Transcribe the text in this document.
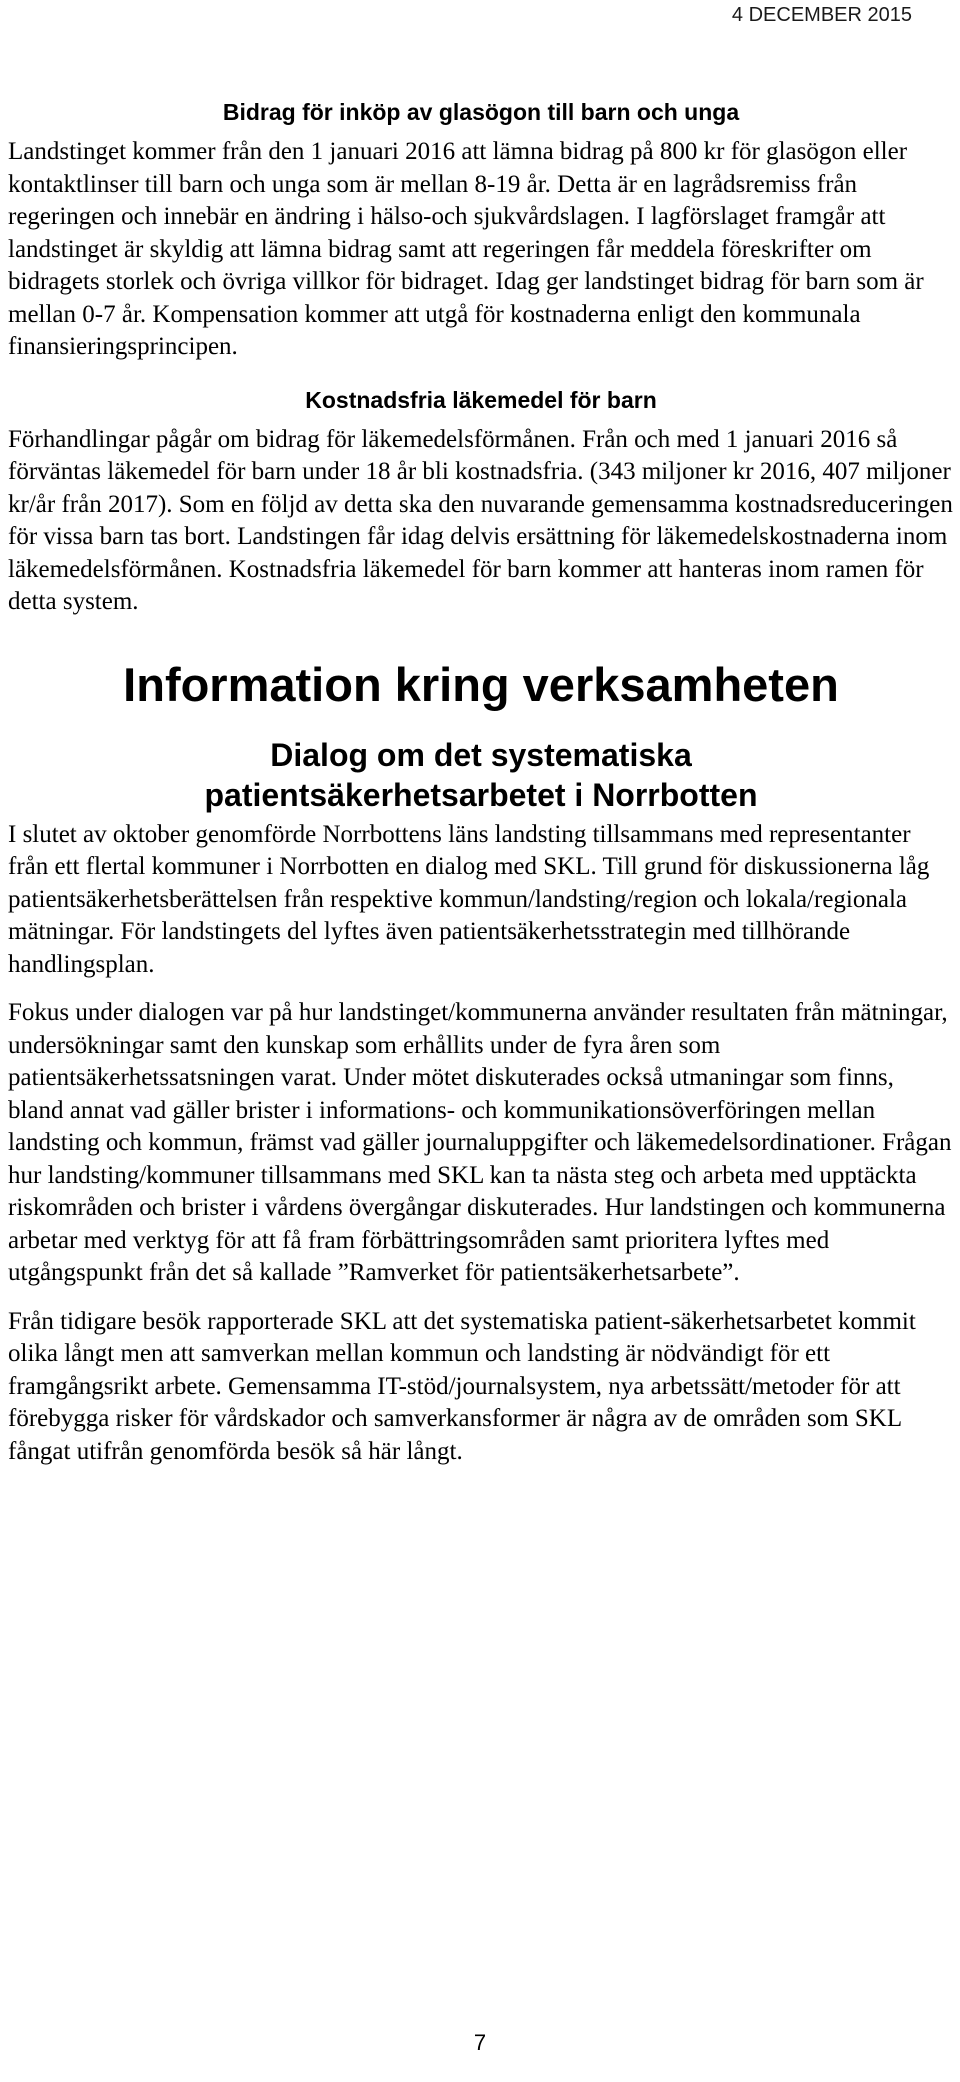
4 DECEMBER 2015
Bidrag för inköp av glasögon till barn och unga

Landstinget kommer från den 1 januari 2016 att lämna bidrag på 800 kr för glasögon eller kontaktlinser till barn och unga som är mellan 8-19 år. Detta är en lagrådsremiss från regeringen och innebär en ändring i hälso-och sjukvårdslagen. I lagförslaget framgår att landstinget är skyldig att lämna bidrag samt att regeringen får meddela föreskrifter om bidragets storlek och övriga villkor för bidraget. Idag ger landstinget bidrag för barn som är mellan 0-7 år. Kompensation kommer att utgå för kostnaderna enligt den kommunala finansieringsprincipen.

Kostnadsfria läkemedel för barn

Förhandlingar pågår om bidrag för läkemedelsförmånen. Från och med 1 januari 2016 så förväntas läkemedel för barn under 18 år bli kostnadsfria. (343 miljoner kr 2016, 407 miljoner kr/år från 2017). Som en följd av detta ska den nuvarande gemensamma kostnadsreduceringen för vissa barn tas bort. Landstingen får idag delvis ersättning för läkemedelskostnaderna inom läkemedelsförmånen. Kostnadsfria läkemedel för barn kommer att hanteras inom ramen för detta system.

Information kring verksamheten
Dialog om det systematiska
patientsäkerhetsarbetet i Norrbotten

I slutet av oktober genomförde Norrbottens läns landsting tillsammans med representanter från ett flertal kommuner i Norrbotten en dialog med SKL. Till grund för diskussionerna låg patientsäkerhetsberättelsen från respektive kommun/landsting/region och lokala/regionala mätningar. För landstingets del lyftes även patientsäkerhetsstrategin med tillhörande handlingsplan.

Fokus under dialogen var på hur landstinget/kommunerna använder resultaten från mätningar, undersökningar samt den kunskap som erhållits under de fyra åren som patientsäkerhetssatsningen varat. Under mötet diskuterades också utmaningar som finns, bland annat vad gäller brister i informations- och kommunikationsöverföringen mellan landsting och kommun, främst vad gäller journaluppgifter och läkemedelsordinationer. Frågan hur landsting/kommuner tillsammans med SKL kan ta nästa steg och arbeta med upptäckta riskområden och brister i vårdens övergångar diskuterades. Hur landstingen och kommunerna arbetar med verktyg för att få fram förbättringsområden samt prioritera lyftes med utgångspunkt från det så kallade ”Ramverket för patientsäkerhetsarbete”.

Från tidigare besök rapporterade SKL att det systematiska patient-säkerhetsarbetet kommit olika långt men att samverkan mellan kommun och landsting är nödvändigt för ett framgångsrikt arbete. Gemensamma IT-stöd/journalsystem, nya arbetssätt/metoder för att förebygga risker för vårdskador och samverkansformer är några av de områden som SKL fångat utifrån genomförda besök så här långt.

7
